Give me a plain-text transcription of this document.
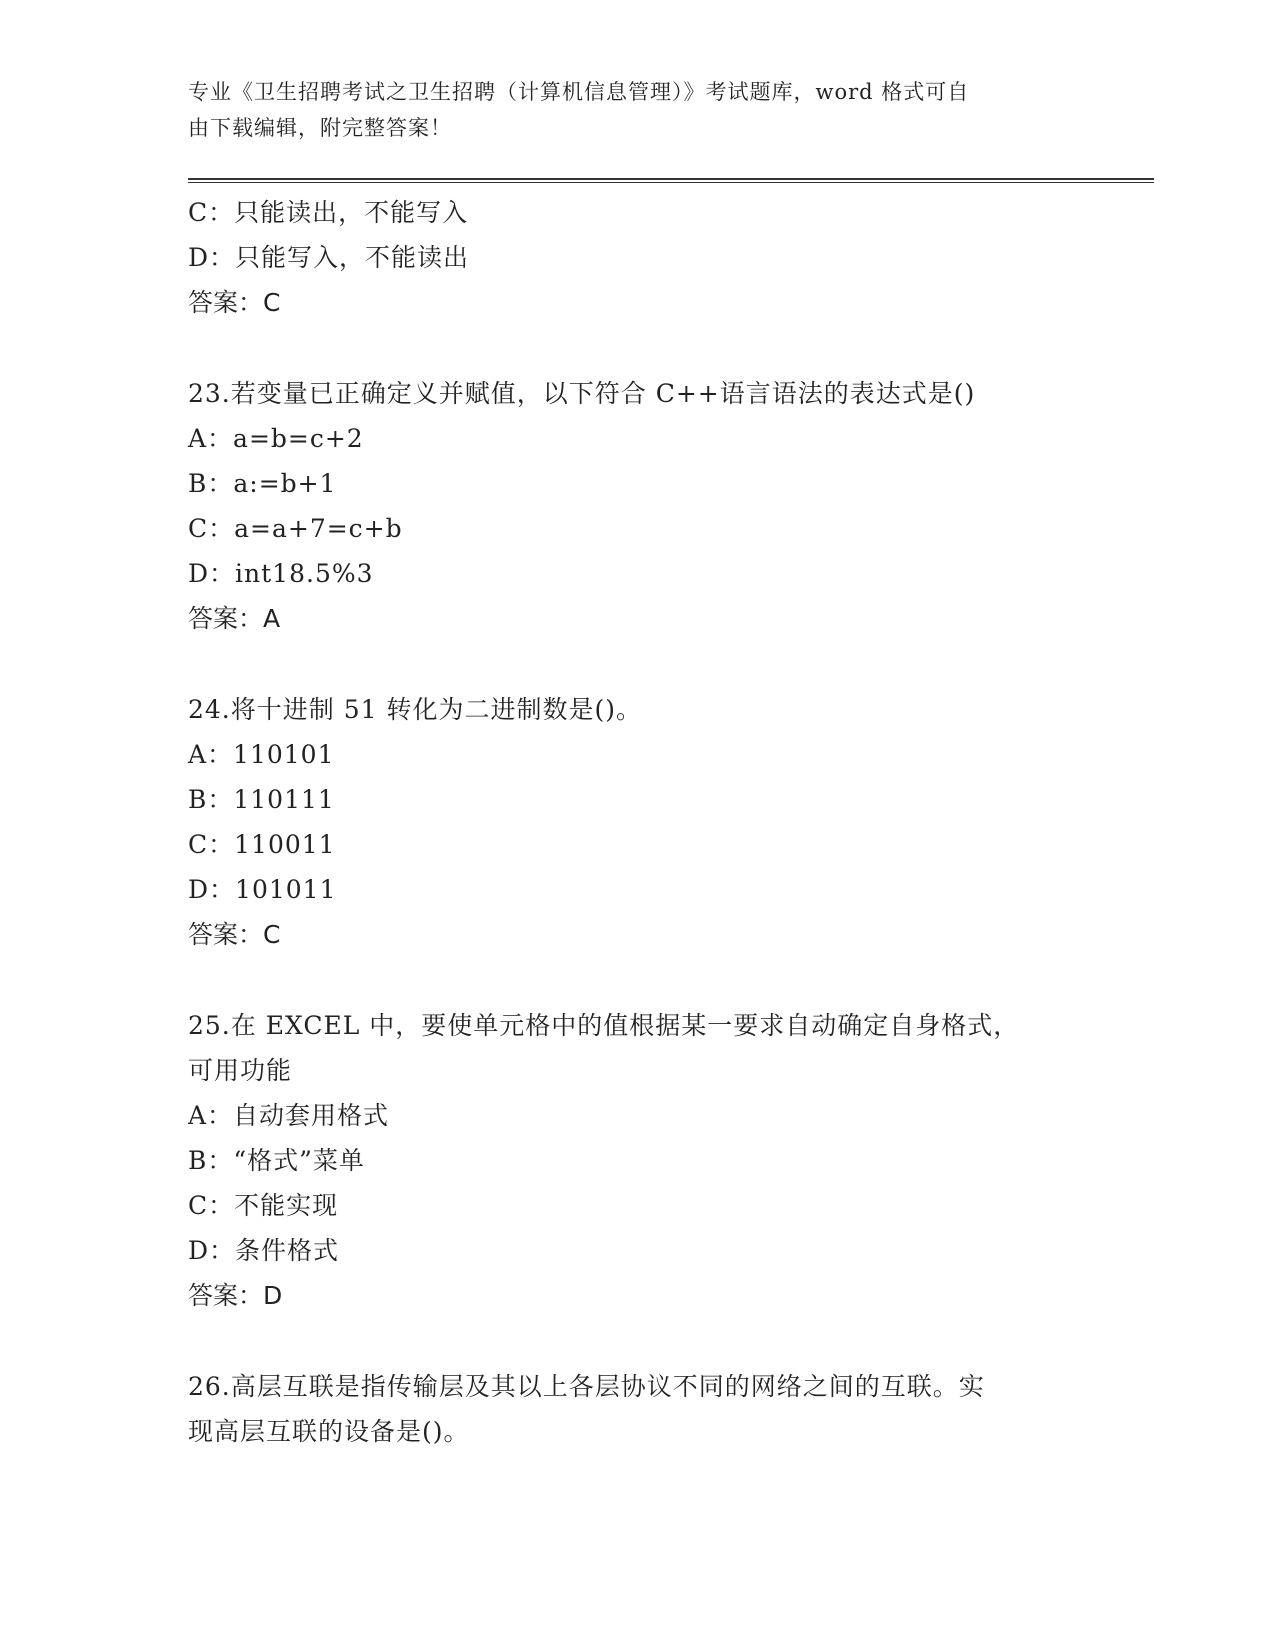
专业《卫生招聘考试之卫生招聘（计算机信息管理）》考试题库，word 格式可自
由下载编辑，附完整答案！
C：只能读出，不能写入
D：只能写入，不能读出
答案：C
23.若变量已正确定义并赋值，以下符合 C++语言语法的表达式是()
A：a=b=c+2
B：a:=b+1
C：a=a+7=c+b
D：int18.5%3
答案：A
24.将十进制 51 转化为二进制数是()。
A：110101
B：110111
C：110011
D：101011
答案：C
25.在 EXCEL 中，要使单元格中的值根据某一要求自动确定自身格式，
可用功能
A：自动套用格式
B：“格式”菜单
C：不能实现
D：条件格式
答案：D
26.高层互联是指传输层及其以上各层协议不同的网络之间的互联。实
现高层互联的设备是()。
